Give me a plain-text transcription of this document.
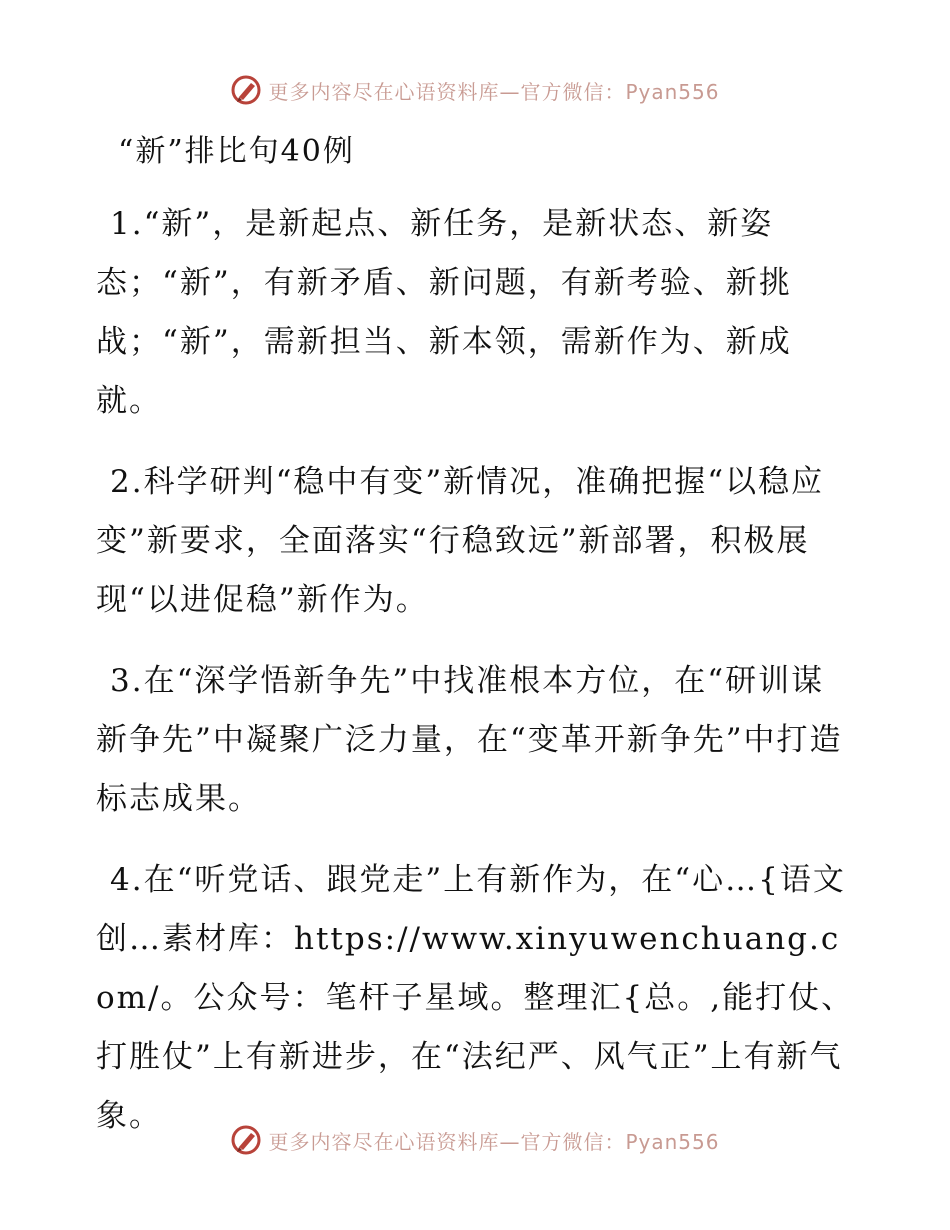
更多内容尽在心语资料库—官方微信：Pyan556
“新”排比句40例

1.“新”，是新起点、新任务，是新状态、新姿态；“新”，有新矛盾、新问题，有新考验、新挑战；“新”，需新担当、新本领，需新作为、新成就。

2.科学研判“稳中有变”新情况，准确把握“以稳应变”新要求，全面落实“行稳致远”新部署，积极展现“以进促稳”新作为。

3.在“深学悟新争先”中找准根本方位，在“研训谋新争先”中凝聚广泛力量，在“变革开新争先”中打造标志成果。

4.在“听党话、跟党走”上有新作为，在“心…{语文创…素材库：https://www.xinyuwenchuang.com/。公众号：笔杆子星域。整理汇{总。,能打仗、打胜仗”上有新进步，在“法纪严、风气正”上有新气象。

更多内容尽在心语资料库—官方微信：Pyan556
